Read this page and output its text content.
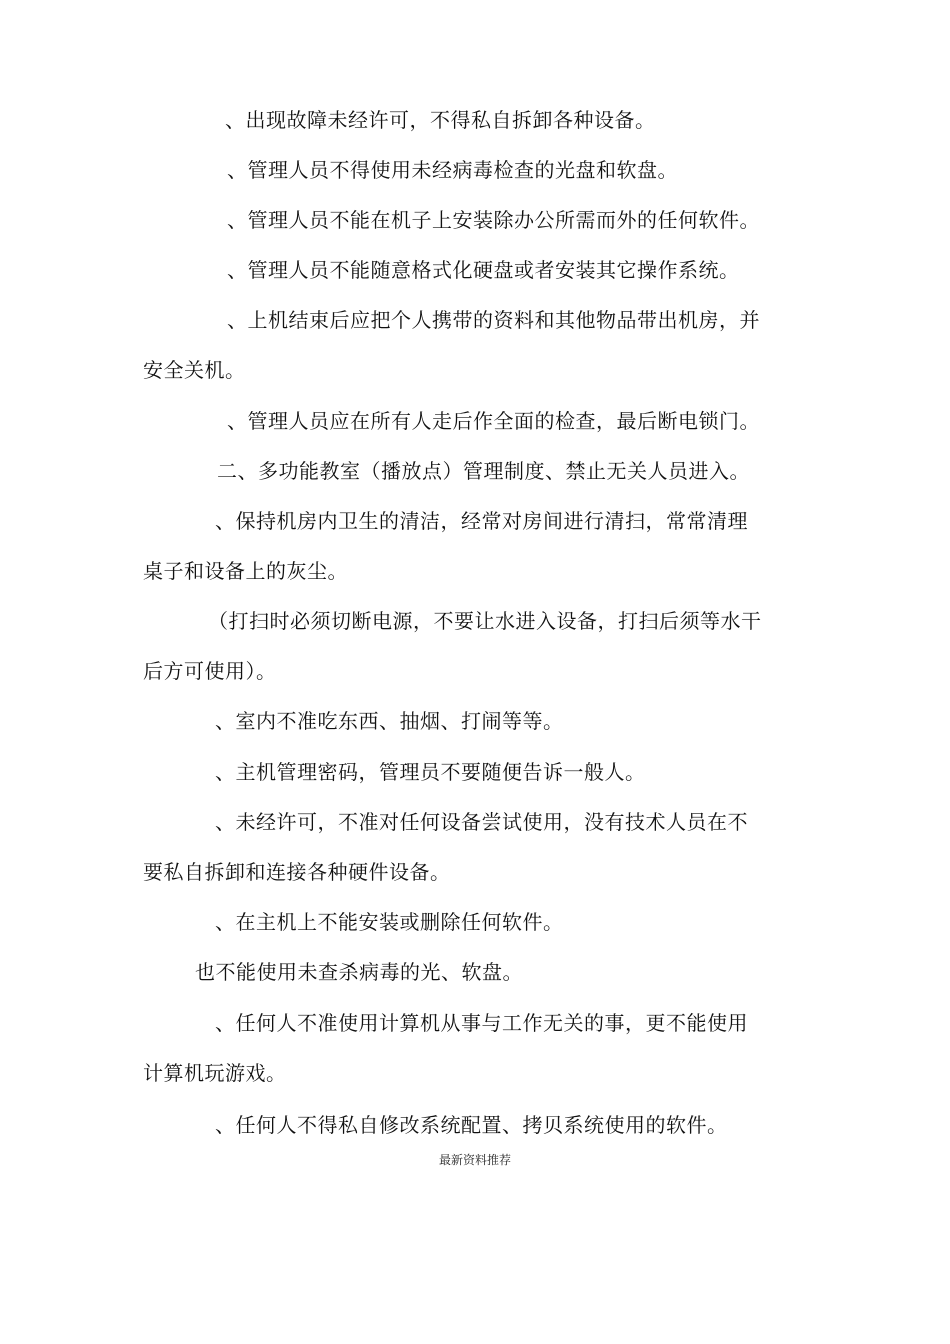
、出现故障未经许可，不得私自拆卸各种设备。
、管理人员不得使用未经病毒检查的光盘和软盘。
、管理人员不能在机子上安装除办公所需而外的任何软件。
、管理人员不能随意格式化硬盘或者安装其它操作系统。
、上机结束后应把个人携带的资料和其他物品带出机房，并
安全关机。
、管理人员应在所有人走后作全面的检查，最后断电锁门。
二、多功能教室（播放点）管理制度、禁止无关人员进入。
、保持机房内卫生的清洁，经常对房间进行清扫，常常清理
桌子和设备上的灰尘。
（打扫时必须切断电源，不要让水进入设备，打扫后须等水干
后方可使用）。
、室内不准吃东西、抽烟、打闹等等。
、主机管理密码，管理员不要随便告诉一般人。
、未经许可，不准对任何设备尝试使用，没有技术人员在不
要私自拆卸和连接各种硬件设备。
、在主机上不能安装或删除任何软件。
也不能使用未查杀病毒的光、软盘。
、任何人不准使用计算机从事与工作无关的事，更不能使用
计算机玩游戏。
、任何人不得私自修改系统配置、拷贝系统使用的软件。
最新资料推荐
